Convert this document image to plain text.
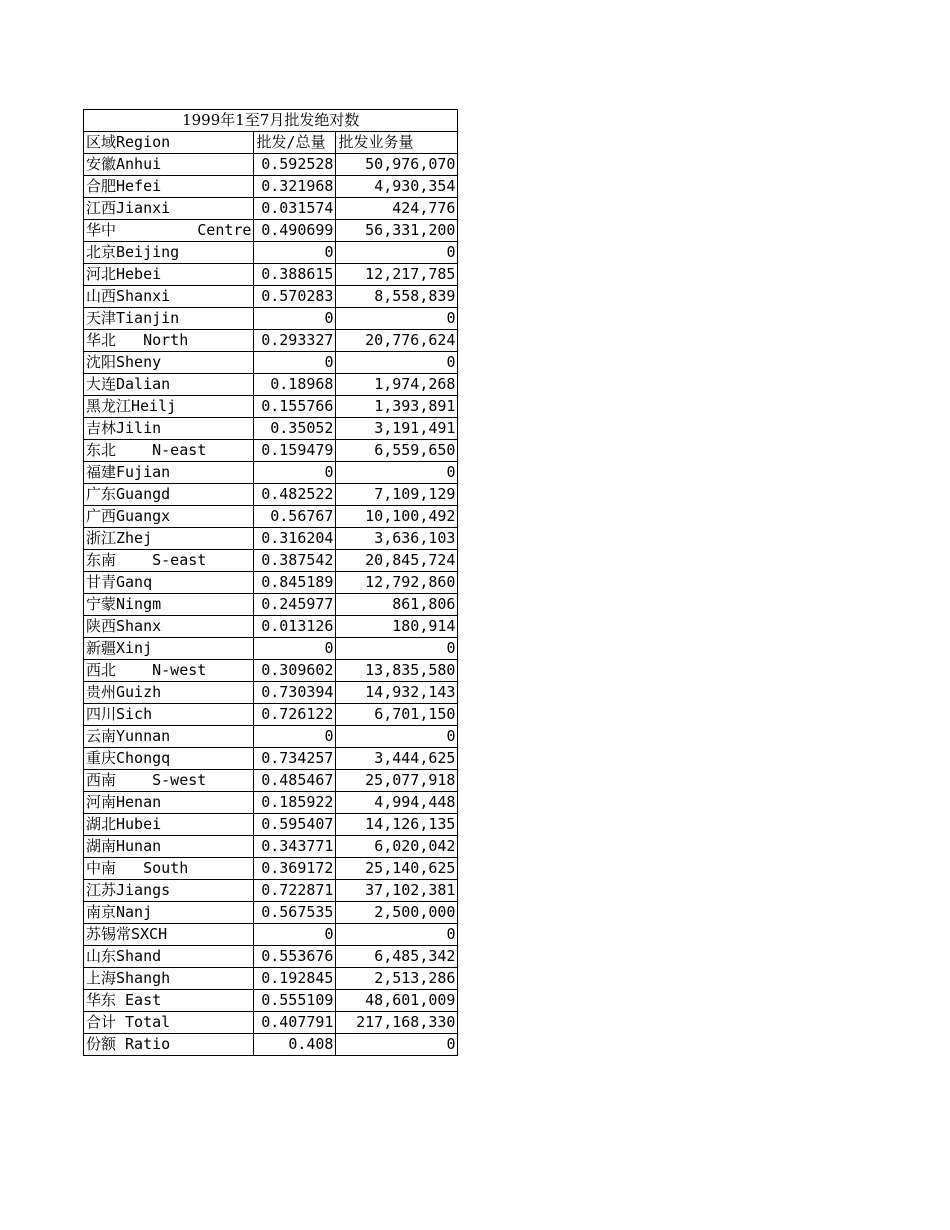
1999年1至7月批发绝对数		
区域Region	批发/总量	批发业务量
安徽Anhui	0.592528	50,976,070
合肥Hefei	0.321968	4,930,354
江西Jianxi	0.031574	424,776
华中         Centre	0.490699	56,331,200
北京Beijing	0	0
河北Hebei	0.388615	12,217,785
山西Shanxi	0.570283	8,558,839
天津Tianjin	0	0
华北   North	0.293327	20,776,624
沈阳Sheny	0	0
大连Dalian	0.18968	1,974,268
黑龙江Heilj	0.155766	1,393,891
吉林Jilin	0.35052	3,191,491
东北    N-east	0.159479	6,559,650
福建Fujian	0	0
广东Guangd	0.482522	7,109,129
广西Guangx	0.56767	10,100,492
浙江Zhej	0.316204	3,636,103
东南    S-east	0.387542	20,845,724
甘青Ganq	0.845189	12,792,860
宁蒙Ningm	0.245977	861,806
陕西Shanx	0.013126	180,914
新疆Xinj	0	0
西北    N-west	0.309602	13,835,580
贵州Guizh	0.730394	14,932,143
四川Sich	0.726122	6,701,150
云南Yunnan	0	0
重庆Chongq	0.734257	3,444,625
西南    S-west	0.485467	25,077,918
河南Henan	0.185922	4,994,448
湖北Hubei	0.595407	14,126,135
湖南Hunan	0.343771	6,020,042
中南   South	0.369172	25,140,625
江苏Jiangs	0.722871	37,102,381
南京Nanj	0.567535	2,500,000
苏锡常SXCH	0	0
山东Shand	0.553676	6,485,342
上海Shangh	0.192845	2,513,286
华东 East	0.555109	48,601,009
合计 Total	0.407791	217,168,330
份额 Ratio	0.408	0
